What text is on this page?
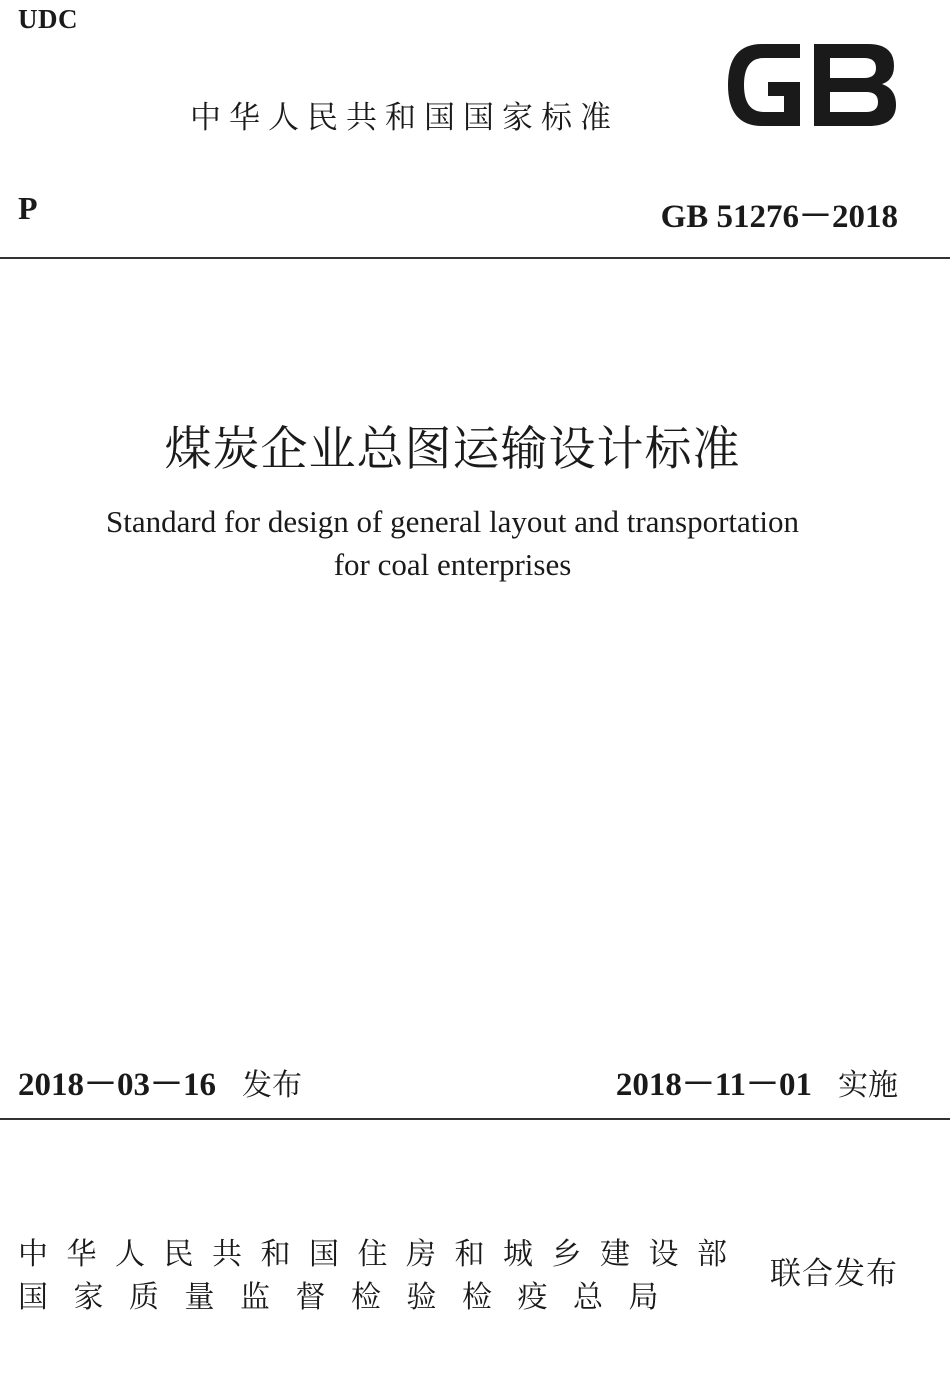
UDC
中华人民共和国国家标准
P	GB 51276－2018
煤炭企业总图运输设计标准
Standard for design of general layout and transportation
for coal enterprises
2018－03－16 发布	2018－11－01 实施
中华人民共和国住房和城乡建设部
国家质量监督检验检疫总局
联合发布
